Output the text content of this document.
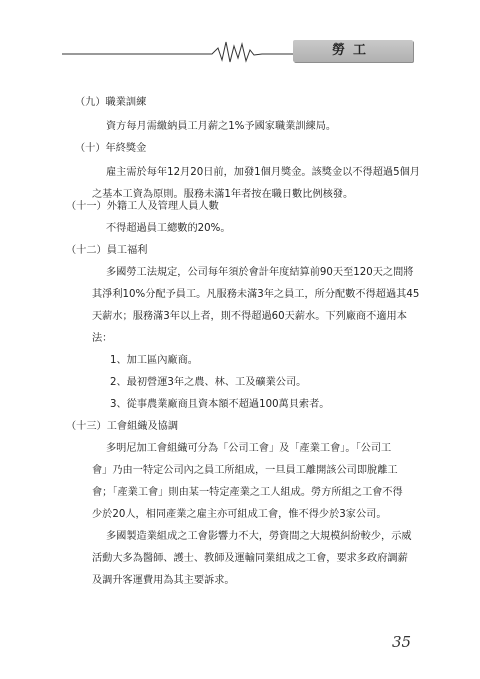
勞工
（九）職業訓練
資方每月需繳納員工月薪之1%予國家職業訓練局。
（十）年終獎金
雇主需於每年12月20日前，加發1個月獎金。該獎金以不得超過5個月
之基本工資為原則。服務未滿1年者按在職日數比例核發。
（十一）外籍工人及管理人員人數
不得超過員工總數的20%。
（十二）員工福利
多國勞工法規定，公司每年須於會計年度結算前90天至120天之間將
其淨利10%分配予員工。凡服務未滿3年之員工，所分配數不得超過其45
天薪水；服務滿3年以上者，則不得超過60天薪水。下列廠商不適用本
法：
1、加工區內廠商。
2、最初營運3年之農、林、工及礦業公司。
3、從事農業廠商且資本額不超過100萬貝索者。
（十三）工會組織及協調
多明尼加工會組織可分為「公司工會」及「產業工會」。「公司工
會」乃由一特定公司內之員工所組成，一旦員工離開該公司即脫離工
會；「產業工會」則由某一特定產業之工人組成。勞方所組之工會不得
少於20人，相同產業之雇主亦可組成工會，惟不得少於3家公司。
多國製造業組成之工會影響力不大，勞資間之大規模糾紛較少，示威
活動大多為醫師、護士、教師及運輸同業組成之工會，要求多政府調薪
及調升客運費用為其主要訴求。
35
